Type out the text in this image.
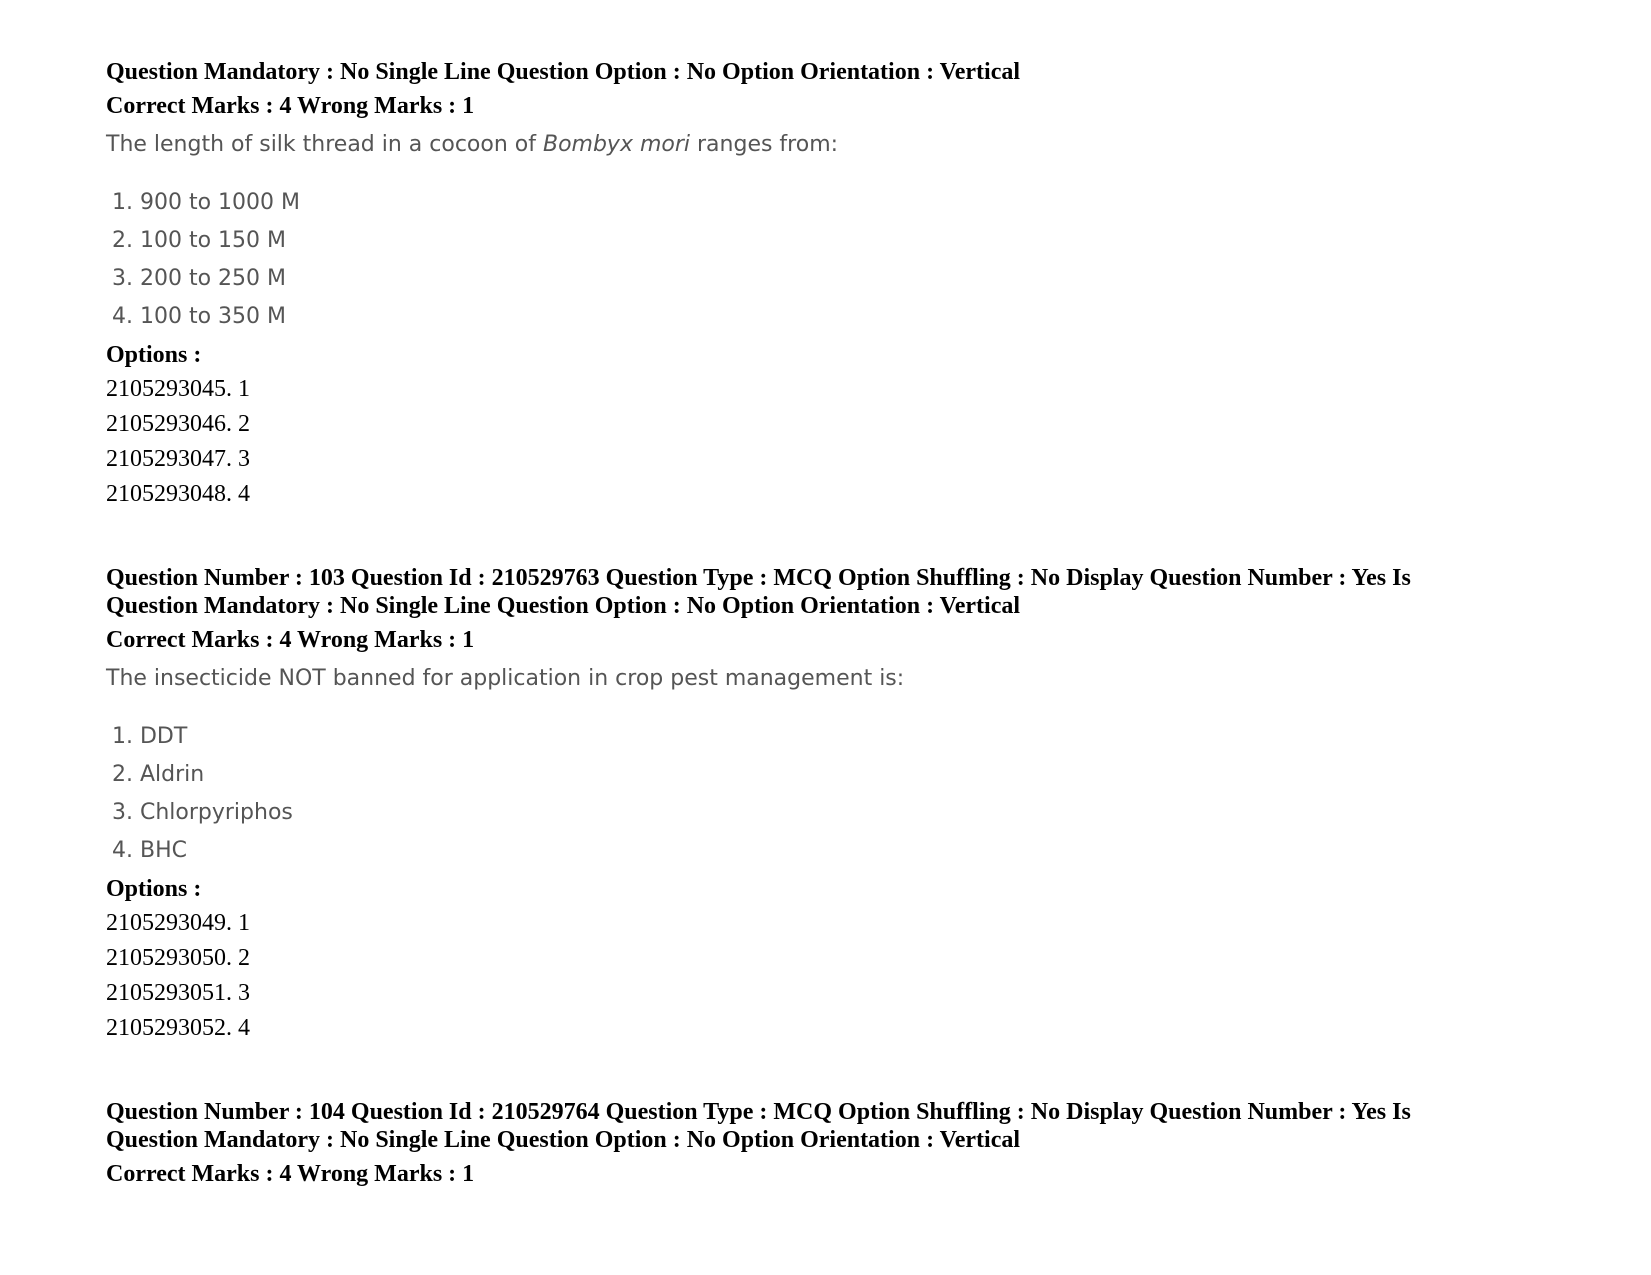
Question Mandatory : No Single Line Question Option : No Option Orientation : Vertical

Correct Marks : 4 Wrong Marks : 1
The length of silk thread in a cocoon of Bombyx mori ranges from:
1. 900 to 1000 M
2. 100 to 150 M
3. 200 to 250 M
4. 100 to 350 M
Options :
2105293045. 1
2105293046. 2
2105293047. 3
2105293048. 4

Question Number : 103 Question Id : 210529763 Question Type : MCQ Option Shuffling : No Display Question Number : Yes Is

Question Mandatory : No Single Line Question Option : No Option Orientation : Vertical

Correct Marks : 4 Wrong Marks : 1
The insecticide NOT banned for application in crop pest management is:
1. DDT
2. Aldrin
3. Chlorpyriphos
4. BHC
Options :
2105293049. 1
2105293050. 2
2105293051. 3
2105293052. 4

Question Number : 104 Question Id : 210529764 Question Type : MCQ Option Shuffling : No Display Question Number : Yes Is

Question Mandatory : No Single Line Question Option : No Option Orientation : Vertical

Correct Marks : 4 Wrong Marks : 1
